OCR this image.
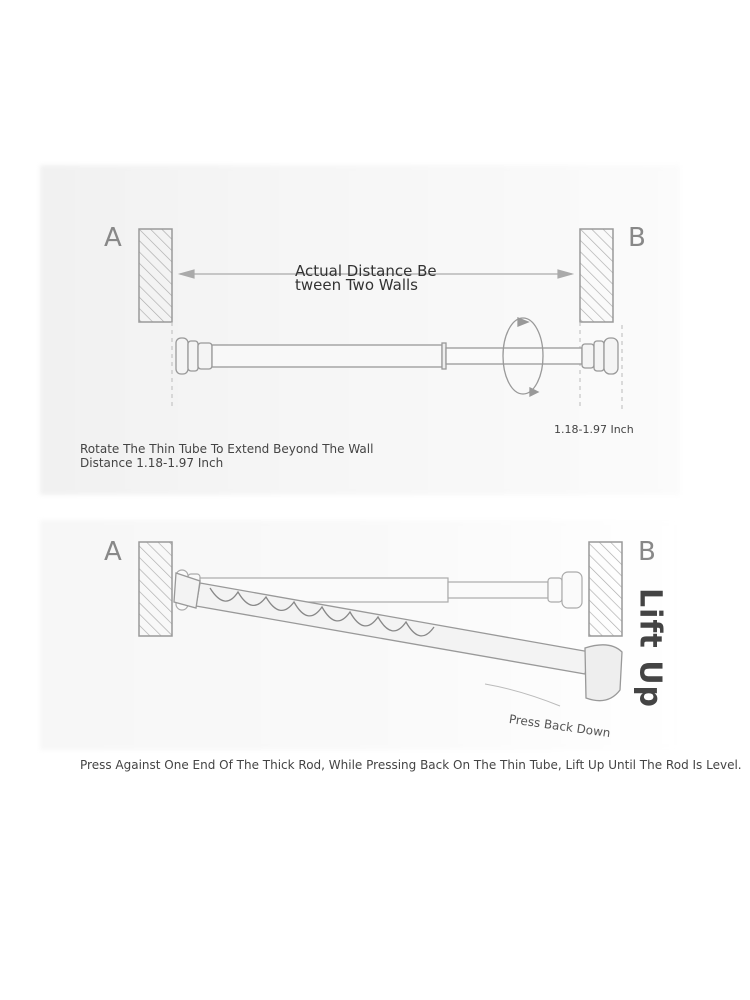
A	B
A	B
Actual Distance Be
tween Two Walls
1.18-1.97 Inch
Rotate The Thin Tube To Extend Beyond The Wall
Distance 1.18-1.97 Inch
Lift Up
Press Back Down
Press Against One End Of The Thick Rod, While Pressing Back On The Thin Tube, Lift Up Until The Rod Is Level.
